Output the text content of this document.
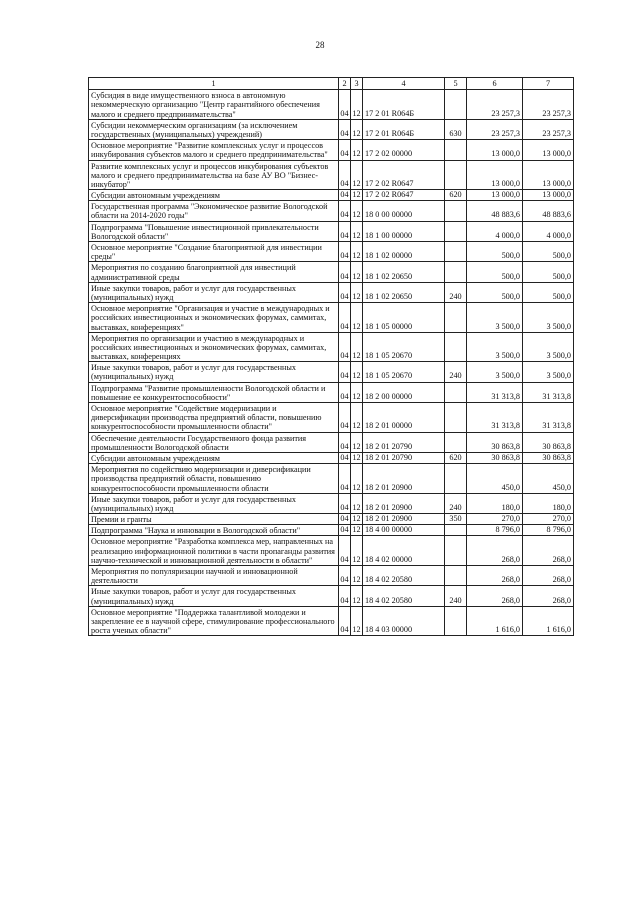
28
1	2	3	4	5	6	7
Субсидия в виде имущественного взноса в автономную некоммерческую организацию "Центр гарантийного обеспечения малого и среднего предпринимательства"	04	12	17 2 01 R064Б		23 257,3	23 257,3
Субсидии некоммерческим организациям (за исключением государственных (муниципальных) учреждений)	04	12	17 2 01 R064Б	630	23 257,3	23 257,3
Основное мероприятие "Развитие комплексных услуг и процессов инкубирования субъектов малого и среднего предпринимательства"	04	12	17 2 02 00000		13 000,0	13 000,0
Развитие комплексных услуг и процессов инкубирования субъектов малого и среднего предпринимательства на базе АУ ВО "Бизнес-инкубатор"	04	12	17 2 02 R0647		13 000,0	13 000,0
Субсидии автономным учреждениям	04	12	17 2 02 R0647	620	13 000,0	13 000,0
Государственная программа "Экономическое развитие Вологодской области на 2014-2020 годы"	04	12	18 0 00 00000		48 883,6	48 883,6
Подпрограмма "Повышение инвестиционной привлекательности Вологодской области"	04	12	18 1 00 00000		4 000,0	4 000,0
Основное мероприятие "Создание благоприятной для инвестиции среды"	04	12	18 1 02 00000		500,0	500,0
Мероприятия по созданию благоприятной для инвестиций административной среды	04	12	18 1 02 20650		500,0	500,0
Иные закупки товаров, работ и услуг для государственных (муниципальных) нужд	04	12	18 1 02 20650	240	500,0	500,0
Основное мероприятие "Организация и участие в международных и российских инвестиционных и экономических форумах, саммитах, выставках, конференциях"	04	12	18 1 05 00000		3 500,0	3 500,0
Мероприятия по организации и участию в международных и российских инвестиционных и экономических форумах, саммитах, выставках, конференциях	04	12	18 1 05 20670		3 500,0	3 500,0
Иные закупки товаров, работ и услуг для государственных (муниципальных) нужд	04	12	18 1 05 20670	240	3 500,0	3 500,0
Подпрограмма "Развитие промышленности Вологодской области и повышение ее конкурентоспособности"	04	12	18 2 00 00000		31 313,8	31 313,8
Основное мероприятие "Содействие модернизации и диверсификации производства предприятий области, повышению конкурентоспособности промышленности области"	04	12	18 2 01 00000		31 313,8	31 313,8
Обеспечение деятельности Государственного фонда развития промышленности Вологодской области	04	12	18 2 01 20790		30 863,8	30 863,8
Субсидии автономным учреждениям	04	12	18 2 01 20790	620	30 863,8	30 863,8
Мероприятия по содействию модернизации и диверсификации производства предприятий области, повышению конкурентоспособности промышленности области	04	12	18 2 01 20900		450,0	450,0
Иные закупки товаров, работ и услуг для государственных (муниципальных) нужд	04	12	18 2 01 20900	240	180,0	180,0
Премии и гранты	04	12	18 2 01 20900	350	270,0	270,0
Подпрограмма "Наука и инновации в Вологодской области"	04	12	18 4 00 00000		8 796,0	8 796,0
Основное мероприятие "Разработка комплекса мер, направленных на реализацию информационной политики в части пропаганды развития научно-технической и инновационной деятельности в области"	04	12	18 4 02 00000		268,0	268,0
Мероприятия по популяризации научной и инновационной деятельности	04	12	18 4 02 20580		268,0	268,0
Иные закупки товаров, работ и услуг для государственных (муниципальных) нужд	04	12	18 4 02 20580	240	268,0	268,0
Основное мероприятие "Поддержка талантливой молодежи и закрепление ее в научной сфере, стимулирование профессионального роста ученых области"	04	12	18 4 03 00000		1 616,0	1 616,0
